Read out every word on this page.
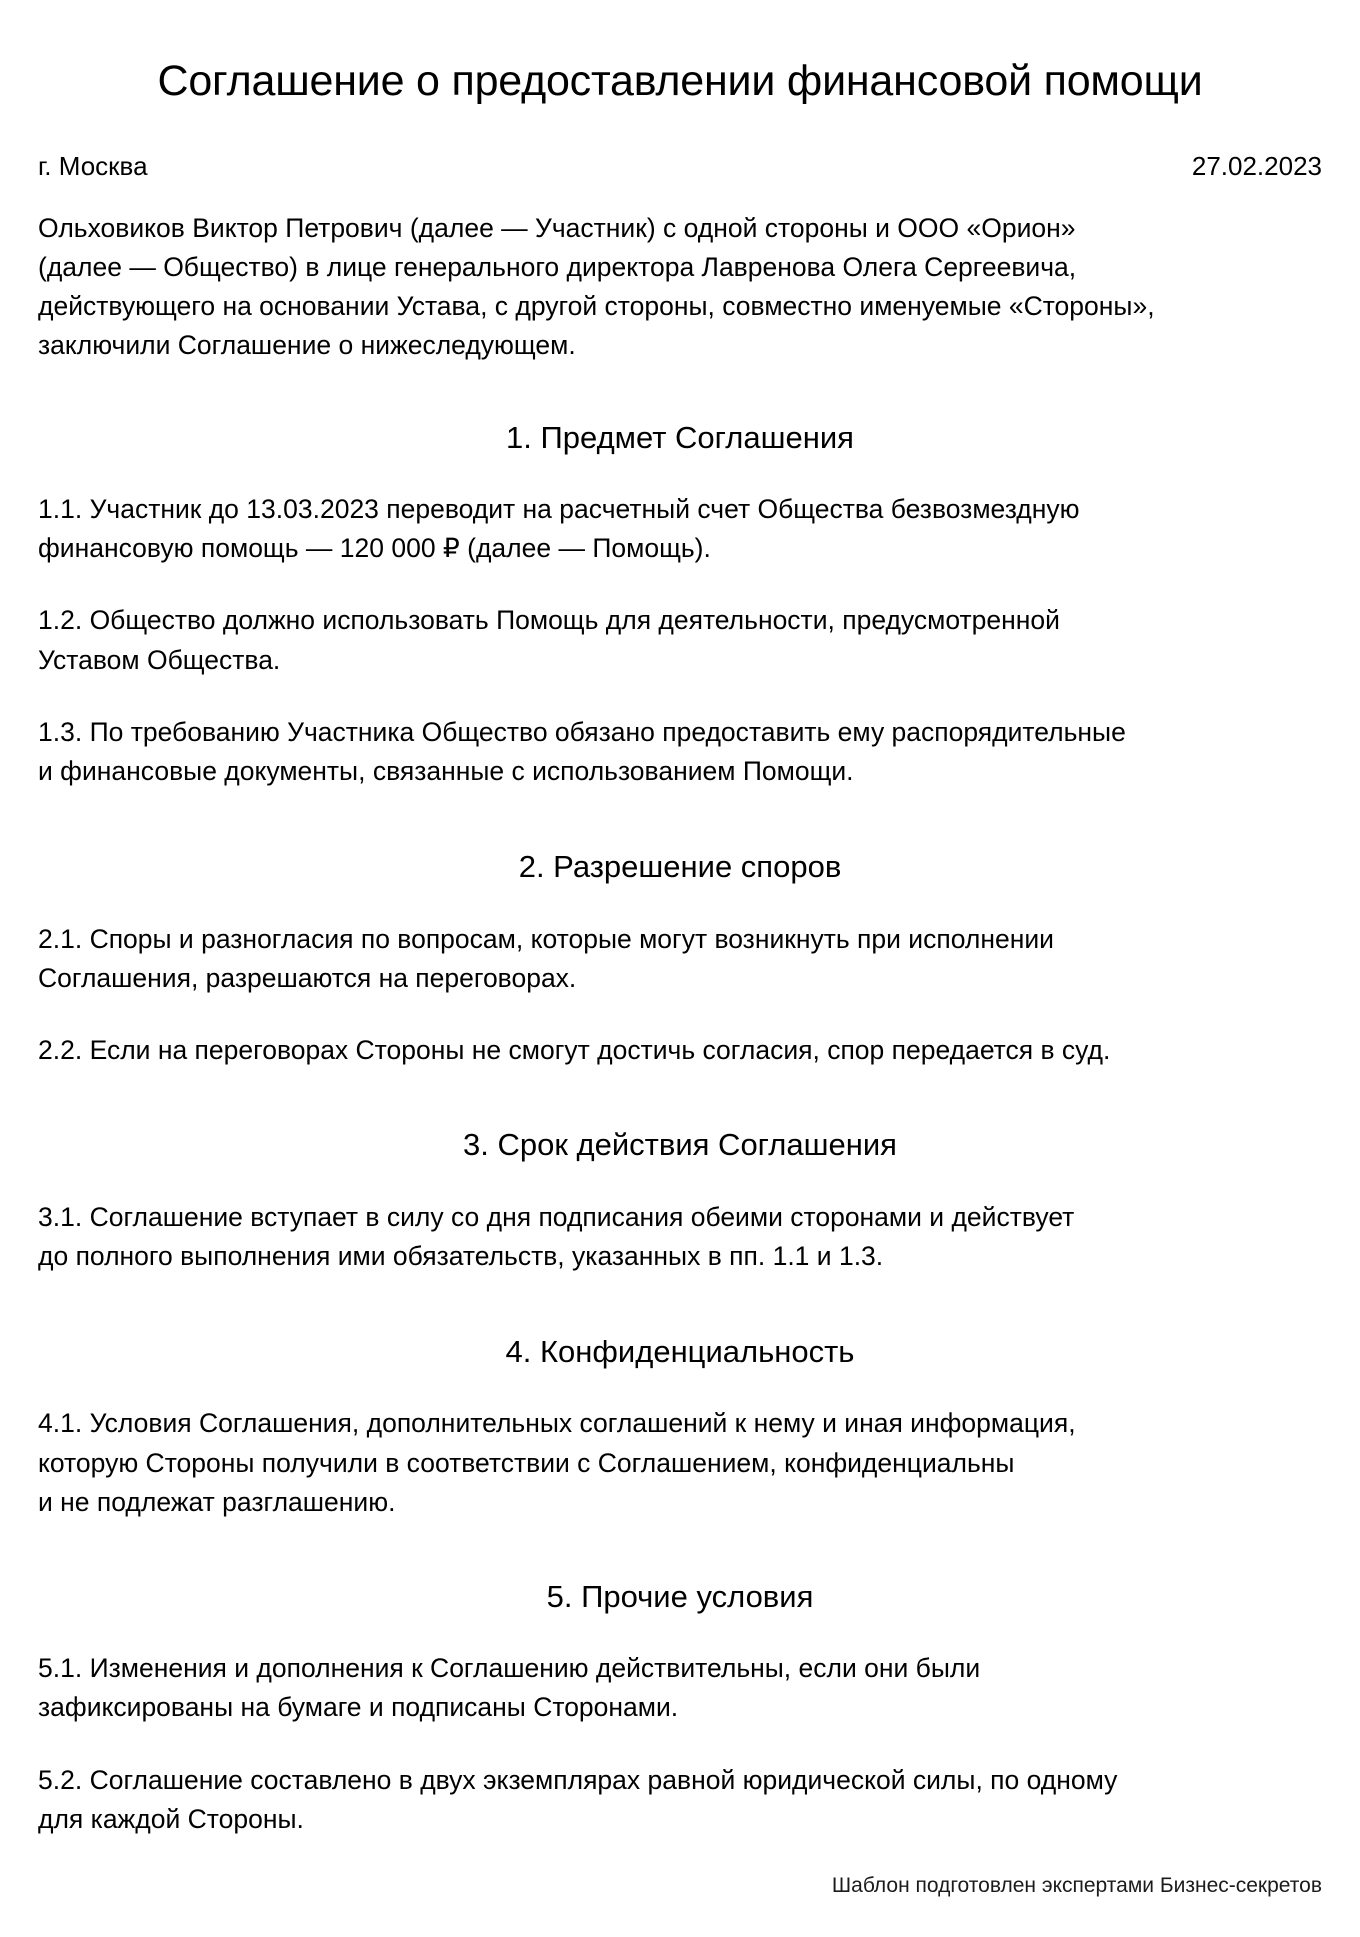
Соглашение о предоставлении финансовой помощи
г. Москва	27.02.2023
Ольховиков Виктор Петрович (далее — Участник) с одной стороны и ООО «Орион»
(далее — Общество) в лице генерального директора Лавренова Олега Сергеевича,
действующего на основании Устава, с другой стороны, совместно именуемые «Стороны»,
заключили Соглашение о нижеследующем.
1. Предмет Соглашения
1.1. Участник до 13.03.2023 переводит на расчетный счет Общества безвозмездную
финансовую помощь — 120 000 ₽ (далее — Помощь).
1.2. Общество должно использовать Помощь для деятельности, предусмотренной
Уставом Общества.
1.3. По требованию Участника Общество обязано предоставить ему распорядительные
и финансовые документы, связанные с использованием Помощи.
2. Разрешение споров
2.1. Споры и разногласия по вопросам, которые могут возникнуть при исполнении
Соглашения, разрешаются на переговорах.
2.2. Если на переговорах Стороны не смогут достичь согласия, спор передается в суд.
3. Срок действия Соглашения
3.1. Соглашение вступает в силу со дня подписания обеими сторонами и действует
до полного выполнения ими обязательств, указанных в пп. 1.1 и 1.3.
4. Конфиденциальность
4.1. Условия Соглашения, дополнительных соглашений к нему и иная информация,
которую Стороны получили в соответствии с Соглашением, конфиденциальны
и не подлежат разглашению.
5. Прочие условия
5.1. Изменения и дополнения к Соглашению действительны, если они были
зафиксированы на бумаге и подписаны Сторонами.
5.2. Соглашение составлено в двух экземплярах равной юридической силы, по одному
для каждой Стороны.
Шаблон подготовлен экспертами Бизнес-секретов
